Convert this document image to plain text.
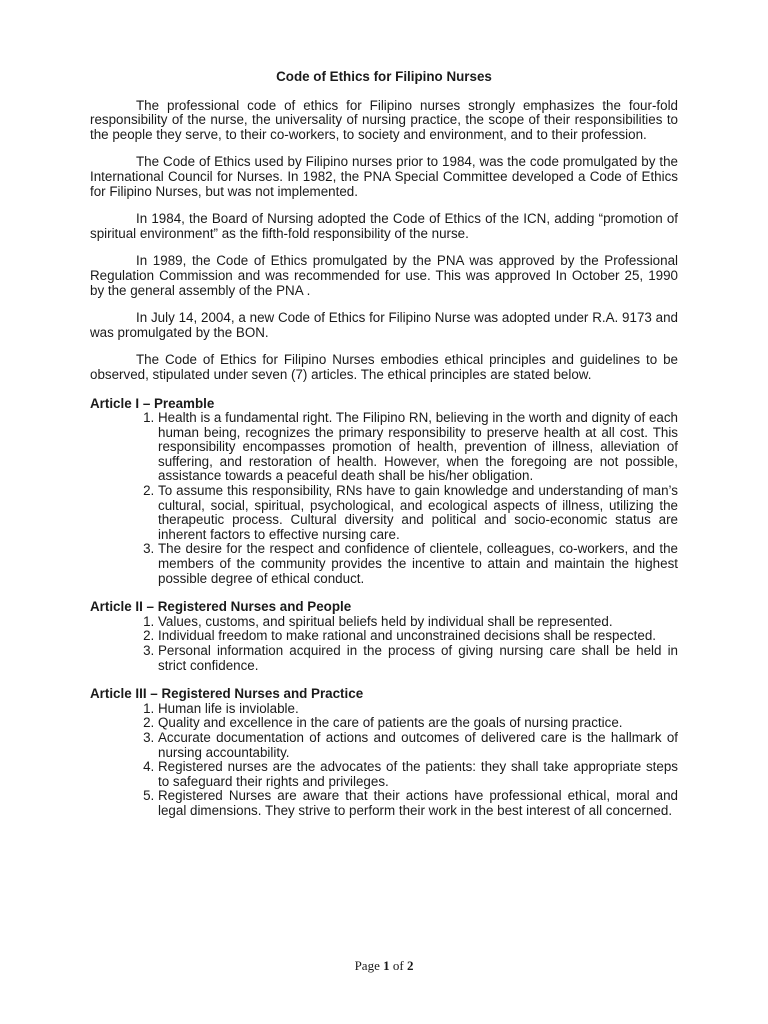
Code of Ethics for Filipino Nurses

The professional code of ethics for Filipino nurses strongly emphasizes the four-fold responsibility of the nurse, the universality of nursing practice, the scope of their responsibilities to the people they serve, to their co-workers, to society and environment, and to their profession.

The Code of Ethics used by Filipino nurses prior to 1984, was the code promulgated by the International Council for Nurses. In 1982, the PNA Special Committee developed a Code of Ethics for Filipino Nurses, but was not implemented.

In 1984, the Board of Nursing adopted the Code of Ethics of the ICN, adding “promotion of spiritual environment” as the fifth-fold responsibility of the nurse.

In 1989, the Code of Ethics promulgated by the PNA was approved by the Professional Regulation Commission and was recommended for use. This was approved In October 25, 1990 by the general assembly of the PNA .

In July 14, 2004, a new Code of Ethics for Filipino Nurse was adopted under R.A. 9173 and was promulgated by the BON.

The Code of Ethics for Filipino Nurses embodies ethical principles and guidelines to be observed, stipulated under seven (7) articles. The ethical principles are stated below.

Article I – Preamble
1. Health is a fundamental right. The Filipino RN, believing in the worth and dignity of each human being, recognizes the primary responsibility to preserve health at all cost. This responsibility encompasses promotion of health, prevention of illness, alleviation of suffering, and restoration of health. However, when the foregoing are not possible, assistance towards a peaceful death shall be his/her obligation.
2. To assume this responsibility, RNs have to gain knowledge and understanding of man’s cultural, social, spiritual, psychological, and ecological aspects of illness, utilizing the therapeutic process. Cultural diversity and political and socio-economic status are inherent factors to effective nursing care.
3. The desire for the respect and confidence of clientele, colleagues, co-workers, and the members of the community provides the incentive to attain and maintain the highest possible degree of ethical conduct.
Article II – Registered Nurses and People
1. Values, customs, and spiritual beliefs held by individual shall be represented.
2. Individual freedom to make rational and unconstrained decisions shall be respected.
3. Personal information acquired in the process of giving nursing care shall be held in strict confidence.
Article III – Registered Nurses and Practice
1. Human life is inviolable.
2. Quality and excellence in the care of patients are the goals of nursing practice.
3. Accurate documentation of actions and outcomes of delivered care is the hallmark of nursing accountability.
4. Registered nurses are the advocates of the patients: they shall take appropriate steps to safeguard their rights and privileges.
5. Registered Nurses are aware that their actions have professional ethical, moral and legal dimensions. They strive to perform their work in the best interest of all concerned.
Page 1 of 2
